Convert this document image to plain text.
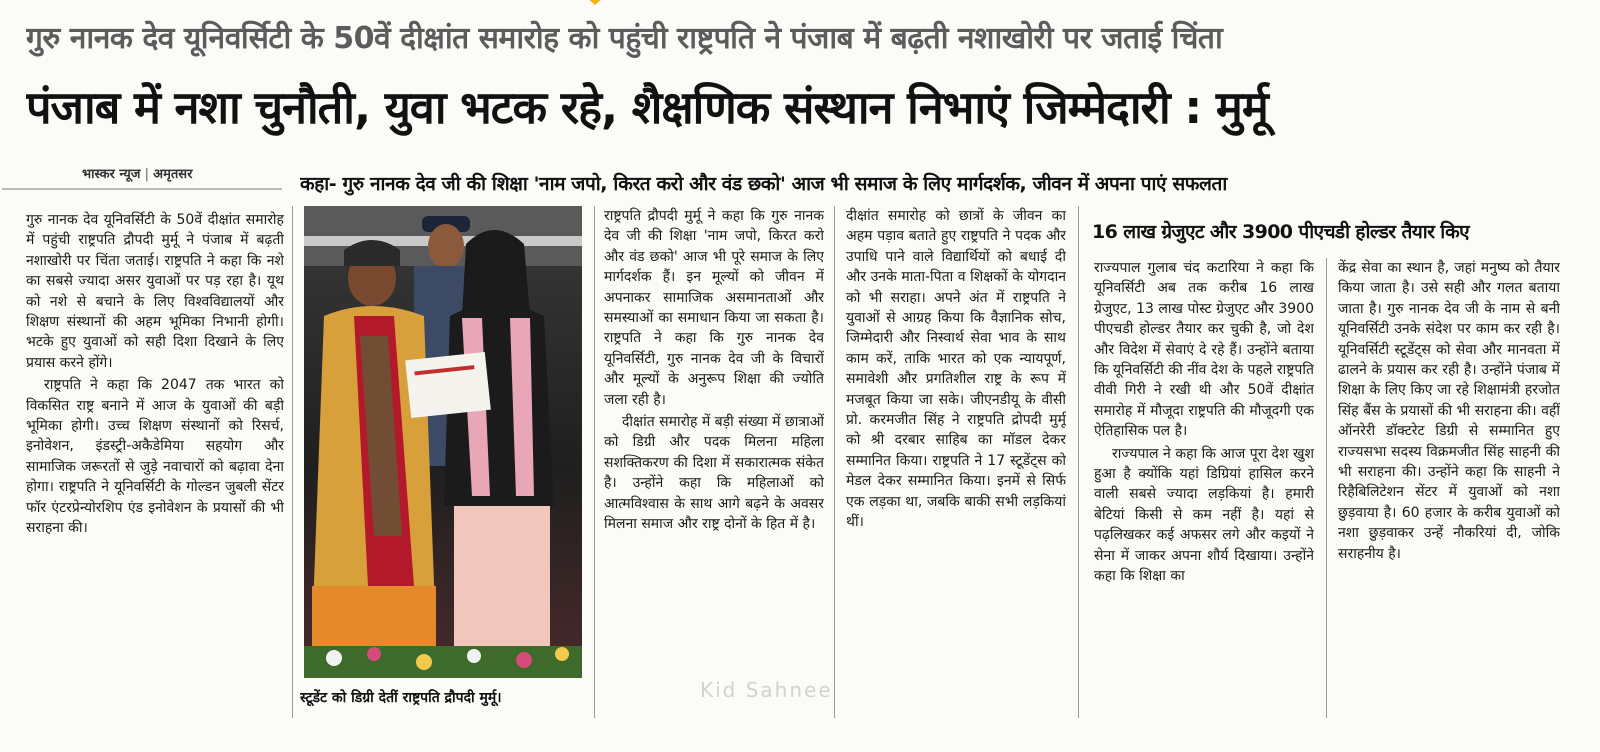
गुरु नानक देव यूनिवर्सिटी के 50वें दीक्षांत समारोह को पहुंची राष्ट्रपति ने पंजाब में बढ़ती नशाखोरी पर जताई चिंता
पंजाब में नशा चुनौती, युवा भटक रहे, शैक्षणिक संस्थान निभाएं जिम्मेदारी : मुर्मू
भास्कर न्यूज | अमृतसर	कहा- गुरु नानक देव जी की शिक्षा 'नाम जपो, किरत करो और वंड छको' आज भी समाज के लिए मार्गदर्शक, जीवन में अपना पाएं सफलता

गुरु नानक देव यूनिवर्सिटी के 50वें दीक्षांत समारोह में पहुंची राष्ट्रपति द्रौपदी मुर्मू ने पंजाब में बढ़ती नशाखोरी पर चिंता जताई। राष्ट्रपति ने कहा कि नशे का सबसे ज्यादा असर युवाओं पर पड़ रहा है। यूथ को नशे से बचाने के लिए विश्वविद्यालयों और शिक्षण संस्थानों की अहम भूमिका निभानी होगी। भटके हुए युवाओं को सही दिशा दिखाने के लिए प्रयास करने होंगे।

राष्ट्रपति ने कहा कि 2047 तक भारत को विकसित राष्ट्र बनाने में आज के युवाओं की बड़ी भूमिका होगी। उच्च शिक्षण संस्थानों को रिसर्च, इनोवेशन, इंडस्ट्री-अकैडेमिया सहयोग और सामाजिक जरूरतों से जुड़े नवाचारों को बढ़ावा देना होगा। राष्ट्रपति ने यूनिवर्सिटी के गोल्डन जुबली सेंटर फॉर एंटरप्रेन्योरशिप एंड इनोवेशन के प्रयासों की भी सराहना की।

स्टूडेंट को डिग्री देतीं राष्ट्रपति द्रौपदी मुर्मू।

राष्ट्रपति द्रौपदी मुर्मू ने कहा कि गुरु नानक देव जी की शिक्षा 'नाम जपो, किरत करो और वंड छको' आज भी पूरे समाज के लिए मार्गदर्शक हैं। इन मूल्यों को जीवन में अपनाकर सामाजिक असमानताओं और समस्याओं का समाधान किया जा सकता है। राष्ट्रपति ने कहा कि गुरु नानक देव यूनिवर्सिटी, गुरु नानक देव जी के विचारों और मूल्यों के अनुरूप शिक्षा की ज्योति जला रही है।

दीक्षांत समारोह में बड़ी संख्या में छात्राओं को डिग्री और पदक मिलना महिला सशक्तिकरण की दिशा में सकारात्मक संकेत है। उन्होंने कहा कि महिलाओं को आत्मविश्वास के साथ आगे बढ़ने के अवसर मिलना समाज और राष्ट्र दोनों के हित में है।

दीक्षांत समारोह को छात्रों के जीवन का अहम पड़ाव बताते हुए राष्ट्रपति ने पदक और उपाधि पाने वाले विद्यार्थियों को बधाई दी और उनके माता-पिता व शिक्षकों के योगदान को भी सराहा। अपने अंत में राष्ट्रपति ने युवाओं से आग्रह किया कि वैज्ञानिक सोच, जिम्मेदारी और निस्वार्थ सेवा भाव के साथ काम करें, ताकि भारत को एक न्यायपूर्ण, समावेशी और प्रगतिशील राष्ट्र के रूप में मजबूत किया जा सके। जीएनडीयू के वीसी प्रो. करमजीत सिंह ने राष्ट्रपति द्रोपदी मुर्मू को श्री दरबार साहिब का मॉडल देकर सम्मानित किया। राष्ट्रपति ने 17 स्टूडेंट्स को मेडल देकर सम्मानित किया। इनमें से सिर्फ एक लड़का था, जबकि बाकी सभी लड़कियां थीं।

16 लाख ग्रेजुएट और 3900 पीएचडी होल्डर तैयार किए

राज्यपाल गुलाब चंद कटारिया ने कहा कि यूनिवर्सिटी अब तक करीब 16 लाख ग्रेजुएट, 13 लाख पोस्ट ग्रेजुएट और 3900 पीएचडी होल्डर तैयार कर चुकी है, जो देश और विदेश में सेवाएं दे रहे हैं। उन्होंने बताया कि यूनिवर्सिटी की नींव देश के पहले राष्ट्रपति वीवी गिरी ने रखी थी और 50वें दीक्षांत समारोह में मौजूदा राष्ट्रपति की मौजूदगी एक ऐतिहासिक पल है।

राज्यपाल ने कहा कि आज पूरा देश खुश हुआ है क्योंकि यहां डिग्रियां हासिल करने वाली सबसे ज्यादा लड़कियां है। हमारी बेटियां किसी से कम नहीं है। यहां से पढ़लिखकर कई अफसर लगे और कइयों ने सेना में जाकर अपना शौर्य दिखाया। उन्होंने कहा कि शिक्षा का

केंद्र सेवा का स्थान है, जहां मनुष्य को तैयार किया जाता है। उसे सही और गलत बताया जाता है। गुरु नानक देव जी के नाम से बनी यूनिवर्सिटी उनके संदेश पर काम कर रही है। यूनिवर्सिटी स्टूडेंट्स को सेवा और मानवता में ढालने के प्रयास कर रही है। उन्होंने पंजाब में शिक्षा के लिए किए जा रहे शिक्षामंत्री हरजोत सिंह बैंस के प्रयासों की भी सराहना की। वहीं ऑनरेरी डॉक्टरेट डिग्री से सम्मानित हुए राज्यसभा सदस्य विक्रमजीत सिंह साहनी की भी सराहना की। उन्होंने कहा कि साहनी ने रिहैबिलिटेशन सेंटर में युवाओं को नशा छुड़वाया है। 60 हजार के करीब युवाओं को नशा छुड़वाकर उन्हें नौकरियां दी, जोकि सराहनीय है।

Kid Sahnee
